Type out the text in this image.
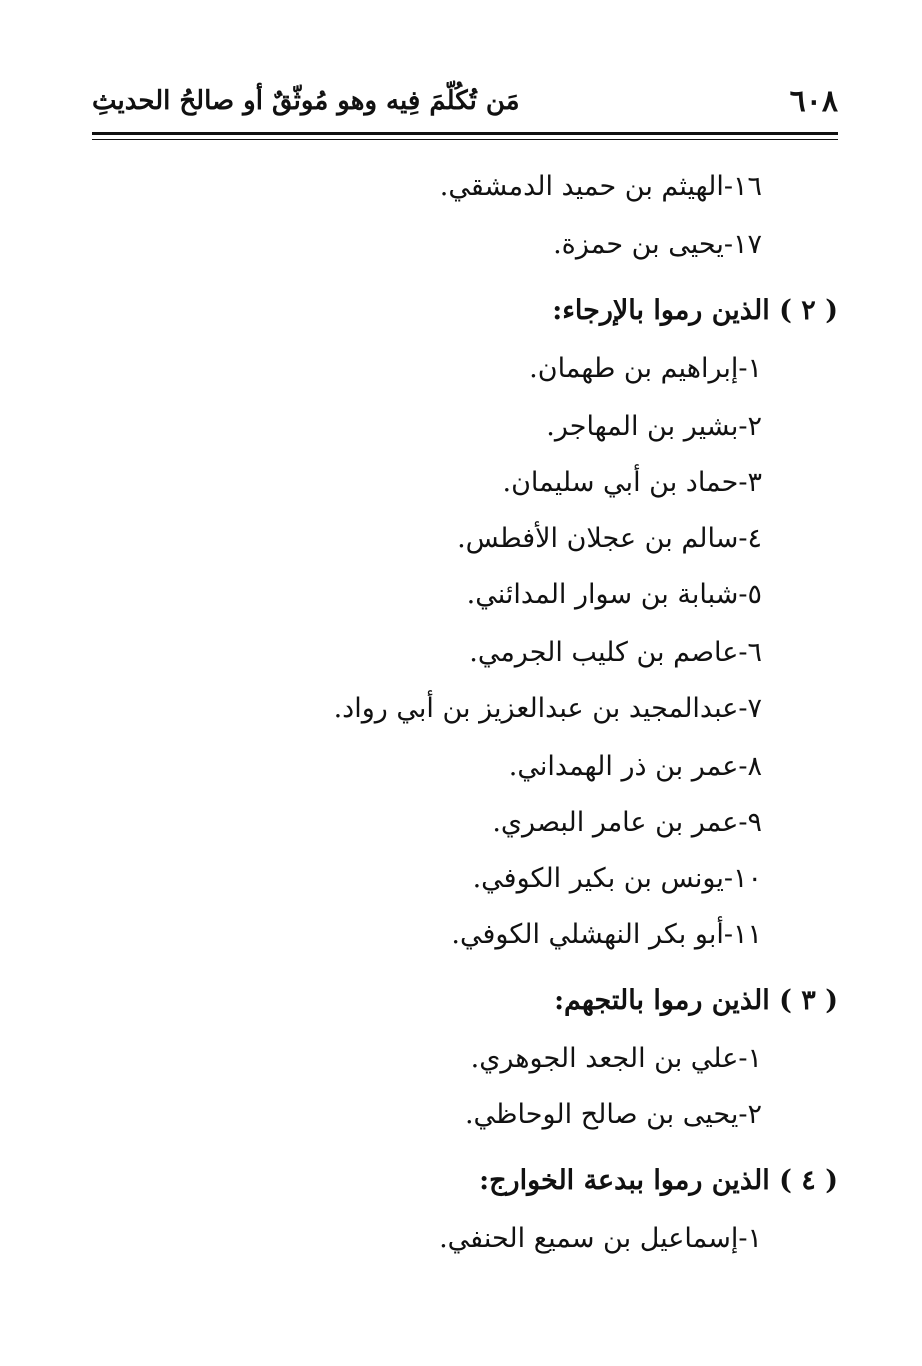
٦٠٨
مَن تُكُلّمَ فِيه وهو مُوثّقٌ أو صالحُ الحديثِ
١٦-الهيثم بن حميد الدمشقي.
١٧-يحيى بن حمزة.
( ٢ ) الذين رموا بالإرجاء:
١-إبراهيم بن طهمان.
٢-بشير بن المهاجر.
٣-حماد بن أبي سليمان.
٤-سالم بن عجلان الأفطس.
٥-شبابة بن سوار المدائني.
٦-عاصم بن كليب الجرمي.
٧-عبدالمجيد بن عبدالعزيز بن أبي رواد.
٨-عمر بن ذر الهمداني.
٩-عمر بن عامر البصري.
١٠-يونس بن بكير الكوفي.
١١-أبو بكر النهشلي الكوفي.
( ٣ ) الذين رموا بالتجهم:
١-علي بن الجعد الجوهري.
٢-يحيى بن صالح الوحاظي.
( ٤ ) الذين رموا ببدعة الخوارج:
١-إسماعيل بن سميع الحنفي.
